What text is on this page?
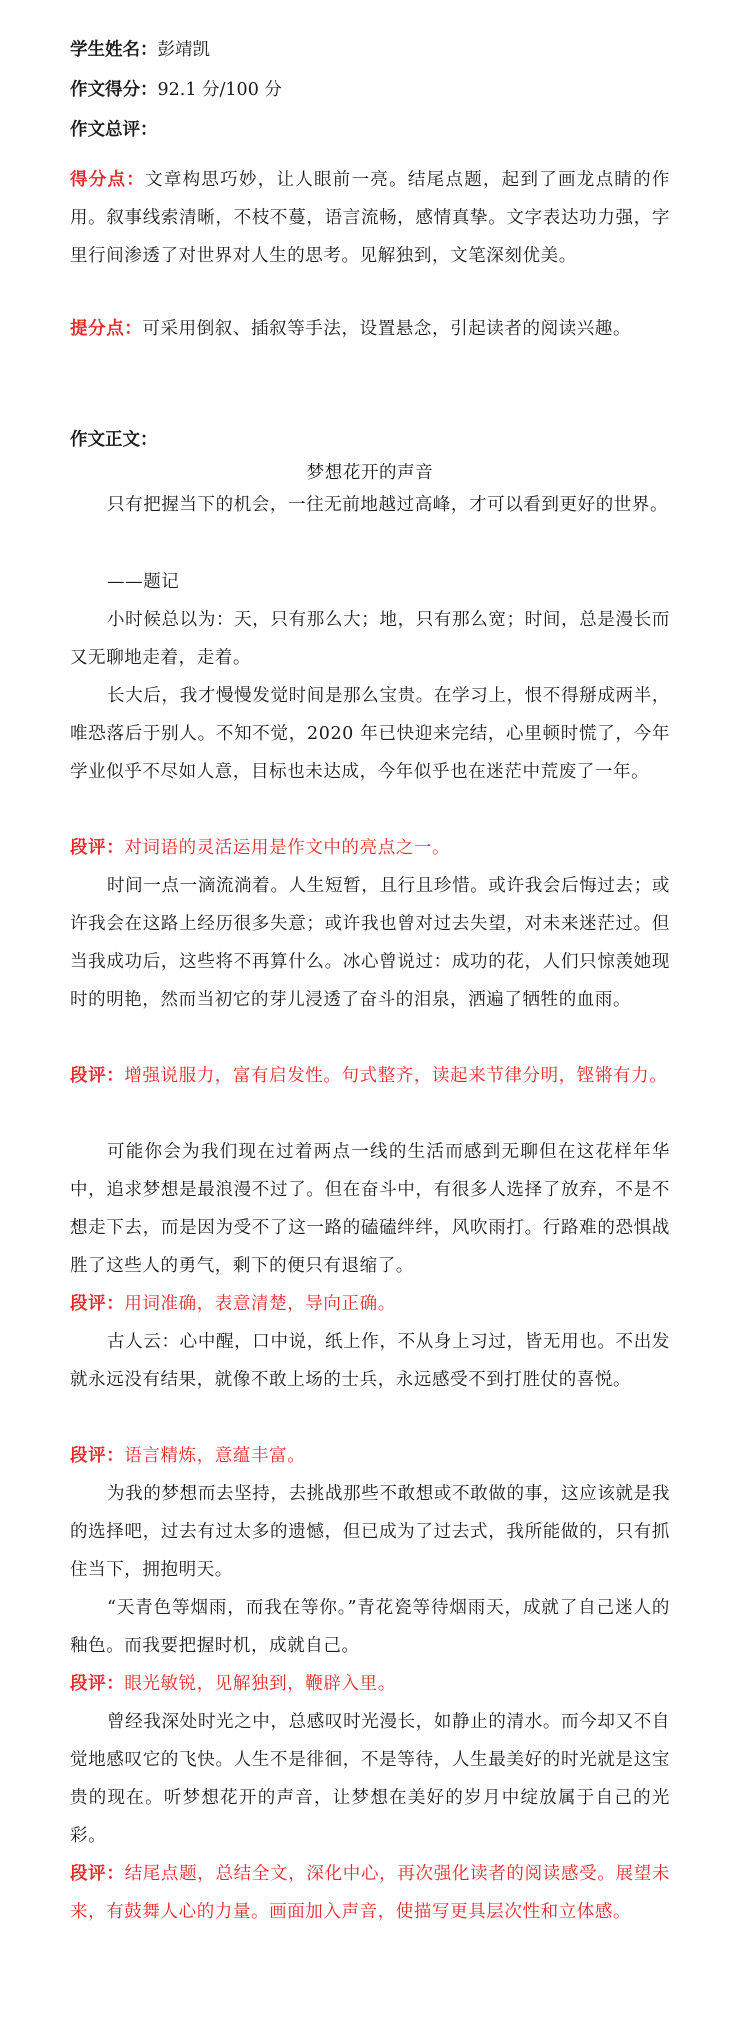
学生姓名：彭靖凯

作文得分：92.1 分/100 分

作文总评：

得分点：文章构思巧妙，让人眼前一亮。结尾点题，起到了画龙点睛的作用。叙事线索清晰，不枝不蔓，语言流畅，感情真挚。文字表达功力强，字里行间渗透了对世界对人生的思考。见解独到，文笔深刻优美。

提分点：可采用倒叙、插叙等手法，设置悬念，引起读者的阅读兴趣。

作文正文：

梦想花开的声音

只有把握当下的机会，一往无前地越过高峰，才可以看到更好的世界。

——题记

小时候总以为：天，只有那么大；地，只有那么宽；时间，总是漫长而又无聊地走着，走着。

长大后，我才慢慢发觉时间是那么宝贵。在学习上，恨不得掰成两半，唯恐落后于别人。不知不觉，2020 年已快迎来完结，心里顿时慌了，今年学业似乎不尽如人意，目标也未达成，今年似乎也在迷茫中荒废了一年。

段评：对词语的灵活运用是作文中的亮点之一。

时间一点一滴流淌着。人生短暂，且行且珍惜。或许我会后悔过去；或许我会在这路上经历很多失意；或许我也曾对过去失望，对未来迷茫过。但当我成功后，这些将不再算什么。冰心曾说过：成功的花，人们只惊羡她现时的明艳，然而当初它的芽儿浸透了奋斗的泪泉，洒遍了牺牲的血雨。

段评：增强说服力，富有启发性。句式整齐，读起来节律分明，铿锵有力。

可能你会为我们现在过着两点一线的生活而感到无聊但在这花样年华中，追求梦想是最浪漫不过了。但在奋斗中，有很多人选择了放弃，不是不想走下去，而是因为受不了这一路的磕磕绊绊，风吹雨打。行路难的恐惧战胜了这些人的勇气，剩下的便只有退缩了。

段评：用词准确，表意清楚，导向正确。

古人云：心中醒，口中说，纸上作，不从身上习过，皆无用也。不出发就永远没有结果，就像不敢上场的士兵，永远感受不到打胜仗的喜悦。

段评：语言精炼，意蕴丰富。

为我的梦想而去坚持，去挑战那些不敢想或不敢做的事，这应该就是我的选择吧，过去有过太多的遗憾，但已成为了过去式，我所能做的，只有抓住当下，拥抱明天。

“天青色等烟雨，而我在等你。”青花瓷等待烟雨天，成就了自己迷人的釉色。而我要把握时机，成就自己。

段评：眼光敏锐，见解独到，鞭辟入里。

曾经我深处时光之中，总感叹时光漫长，如静止的清水。而今却又不自觉地感叹它的飞快。人生不是徘徊，不是等待，人生最美好的时光就是这宝贵的现在。听梦想花开的声音，让梦想在美好的岁月中绽放属于自己的光彩。

段评：结尾点题，总结全文，深化中心，再次强化读者的阅读感受。展望未来，有鼓舞人心的力量。画面加入声音，使描写更具层次性和立体感。
